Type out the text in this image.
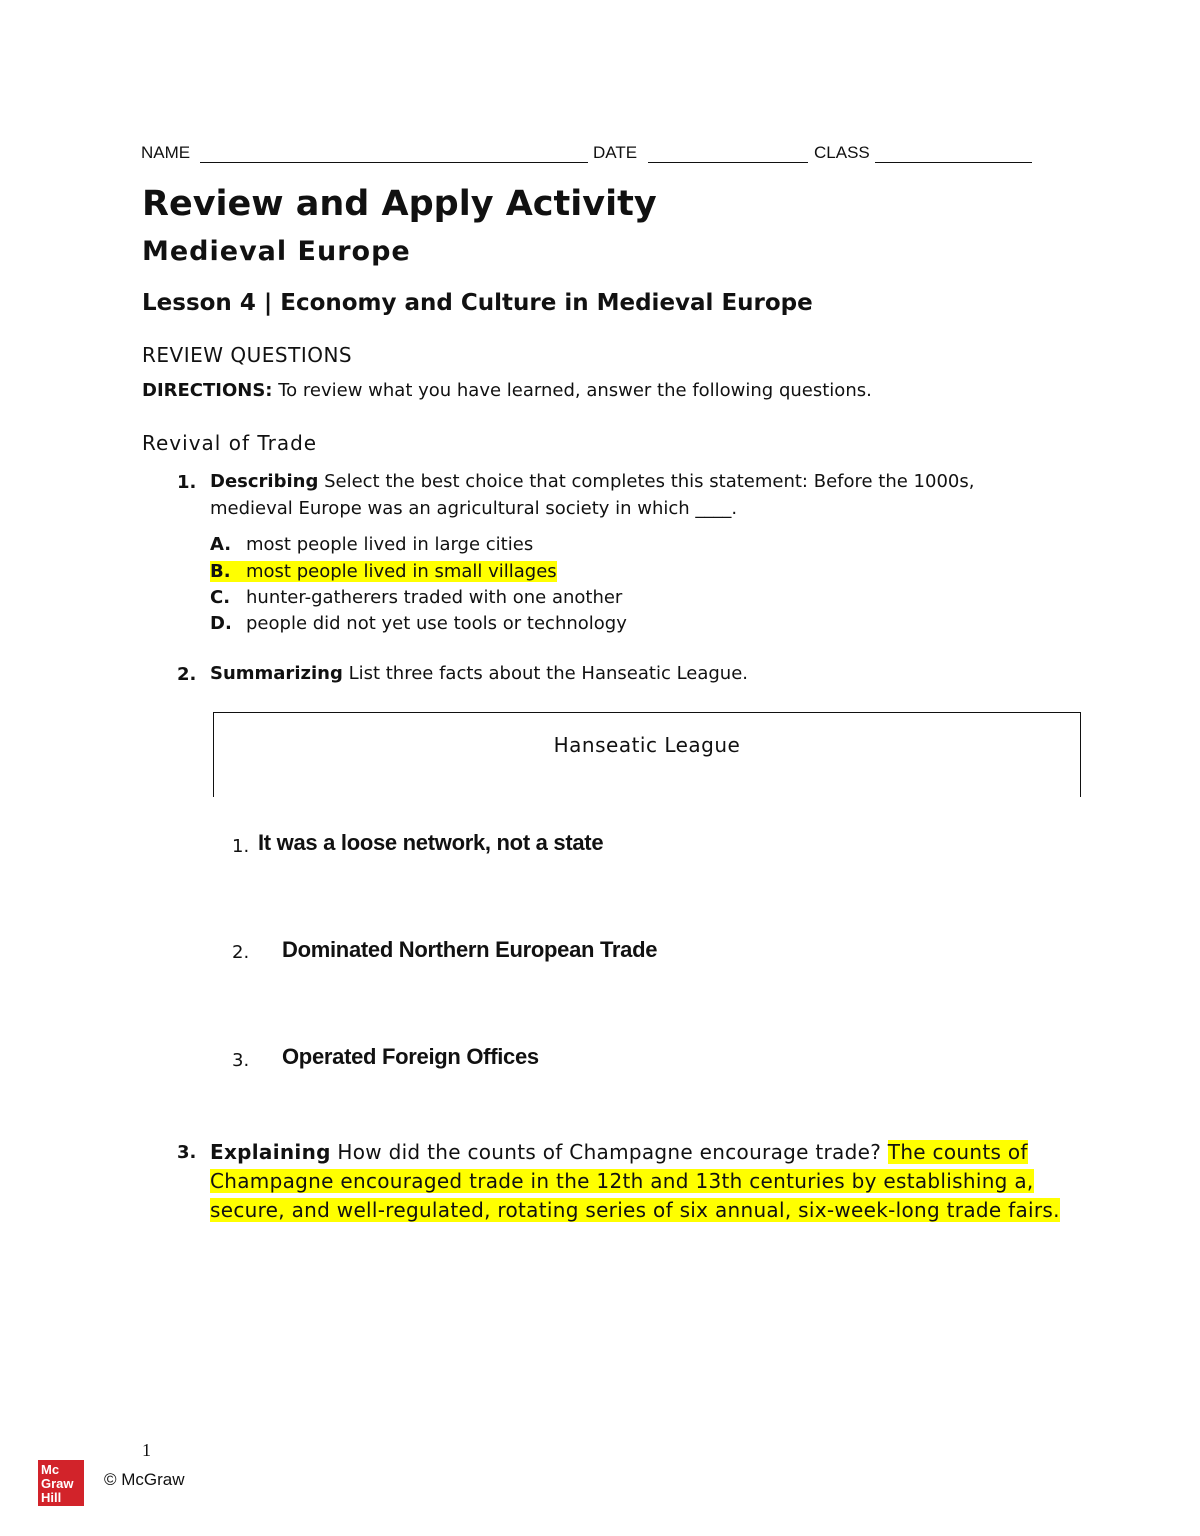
NAME	DATE	CLASS
Review and Apply Activity
Medieval Europe
Lesson 4 | Economy and Culture in Medieval Europe
REVIEW QUESTIONS
DIRECTIONS: To review what you have learned, answer the following questions.
Revival of Trade
1. Describing Select the best choice that completes this statement: Before the 1000s, medieval Europe was an agricultural society in which ____.
A. most people lived in large cities
B. most people lived in small villages
C. hunter-gatherers traded with one another
D. people did not yet use tools or technology
2. Summarizing List three facts about the Hanseatic League.
Hanseatic League
1. It was a loose network, not a state
2. Dominated Northern European Trade
3. Operated Foreign Offices
3. Explaining How did the counts of Champagne encourage trade? The counts of Champagne encouraged trade in the 12th and 13th centuries by establishing a, secure, and well-regulated, rotating series of six annual, six-week-long trade fairs.
1
Mc
Graw
Hill
© McGraw
